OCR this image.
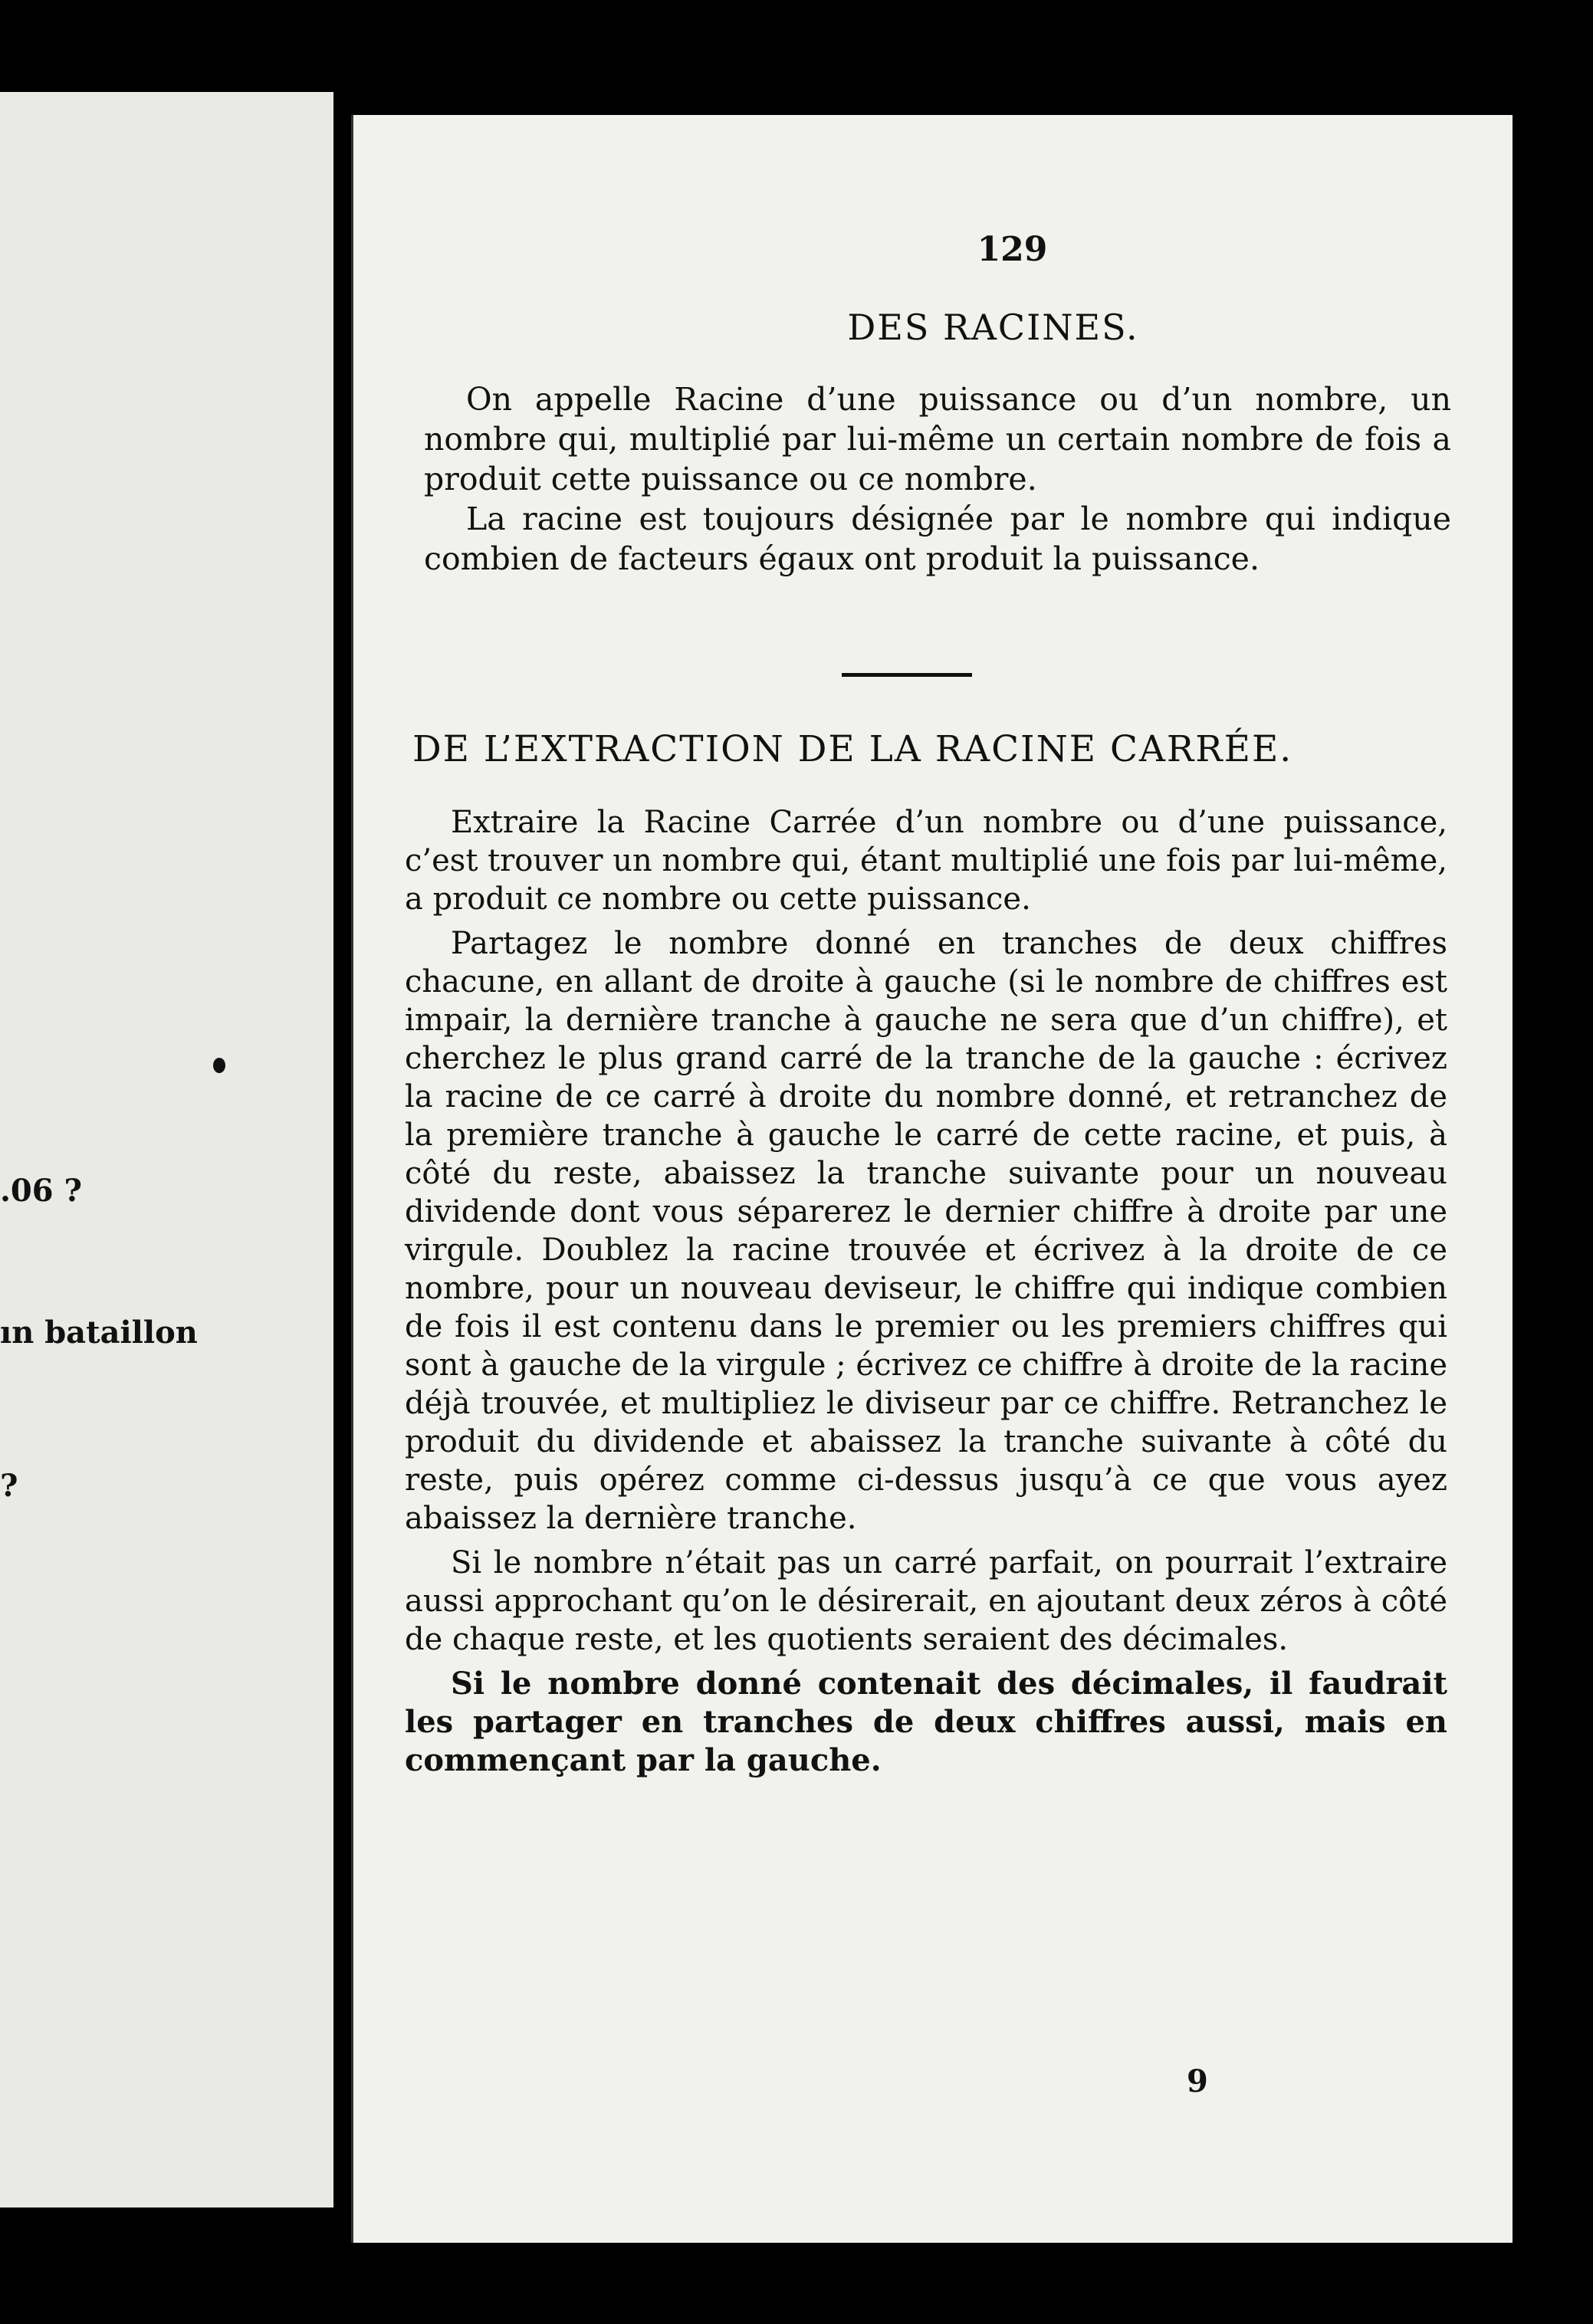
.06 ?
ın bataillon
?
129
DES RACINES.

On appelle Racine d’une puissance ou d’un nombre, un nombre qui, multiplié par lui-même un certain nombre de fois a produit cette puissance ou ce nombre.

La racine est toujours désignée par le nombre qui indique combien de facteurs égaux ont produit la puissance.

DE L’EXTRACTION DE LA RACINE CARRÉE.

Extraire la Racine Carrée d’un nombre ou d’une puissance, c’est trouver un nombre qui, étant multiplié une fois par lui-même, a produit ce nombre ou cette puissance.

Partagez le nombre donné en tranches de deux chiffres chacune, en allant de droite à gauche (si le nombre de chiffres est impair, la dernière tranche à gauche ne sera que d’un chiffre), et cherchez le plus grand carré de la tranche de la gauche : écrivez la racine de ce carré à droite du nombre donné, et retranchez de la première tranche à gauche le carré de cette racine, et puis, à côté du reste, abaissez la tranche suivante pour un nouveau dividende dont vous séparerez le dernier chiffre à droite par une virgule. Doublez la racine trouvée et écrivez à la droite de ce nombre, pour un nouveau deviseur, le chiffre qui indique combien de fois il est contenu dans le premier ou les premiers chiffres qui sont à gauche de la virgule ; écrivez ce chiffre à droite de la racine déjà trouvée, et multipliez le diviseur par ce chiffre. Retranchez le produit du dividende et abaissez la tranche suivante à côté du reste, puis opérez comme ci-dessus jusqu’à ce que vous ayez abaissez la dernière tranche.

Si le nombre n’était pas un carré parfait, on pourrait l’extraire aussi approchant qu’on le désirerait, en ajoutant deux zéros à côté de chaque reste, et les quotients seraient des décimales.

Si le nombre donné contenait des décimales, il faudrait les partager en tranches de deux chiffres aussi, mais en commençant par la gauche.

9
